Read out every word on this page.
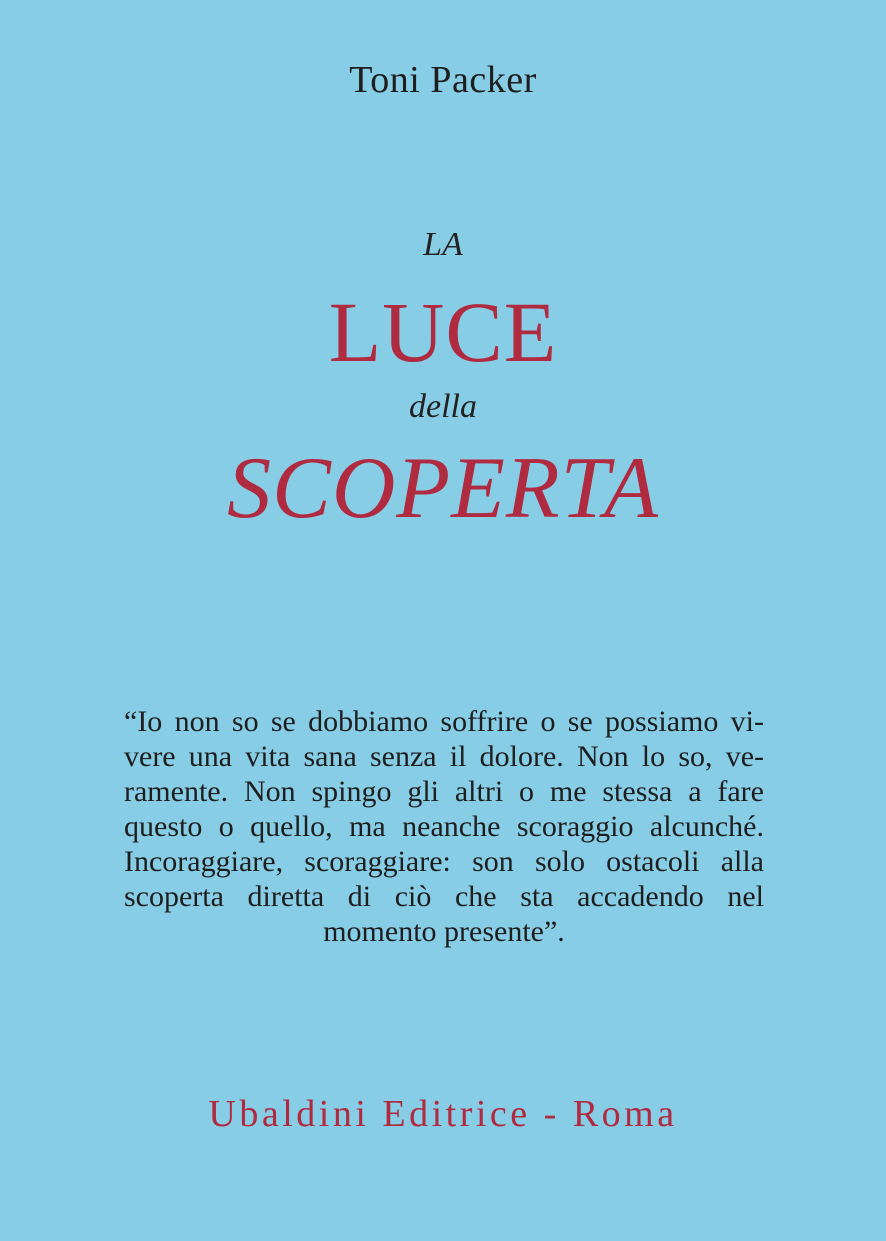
Toni Packer
LA
LUCE
della
SCOPERTA
“Io non so se dobbiamo soffrire o se possiamo vi-
vere una vita sana senza il dolore. Non lo so, ve-
ramente. Non spingo gli altri o me stessa a fare
questo o quello, ma neanche scoraggio alcunché.
Incoraggiare, scoraggiare: son solo ostacoli alla
scoperta diretta di ciò che sta accadendo nel
momento presente”.
Ubaldini Editrice - Roma
